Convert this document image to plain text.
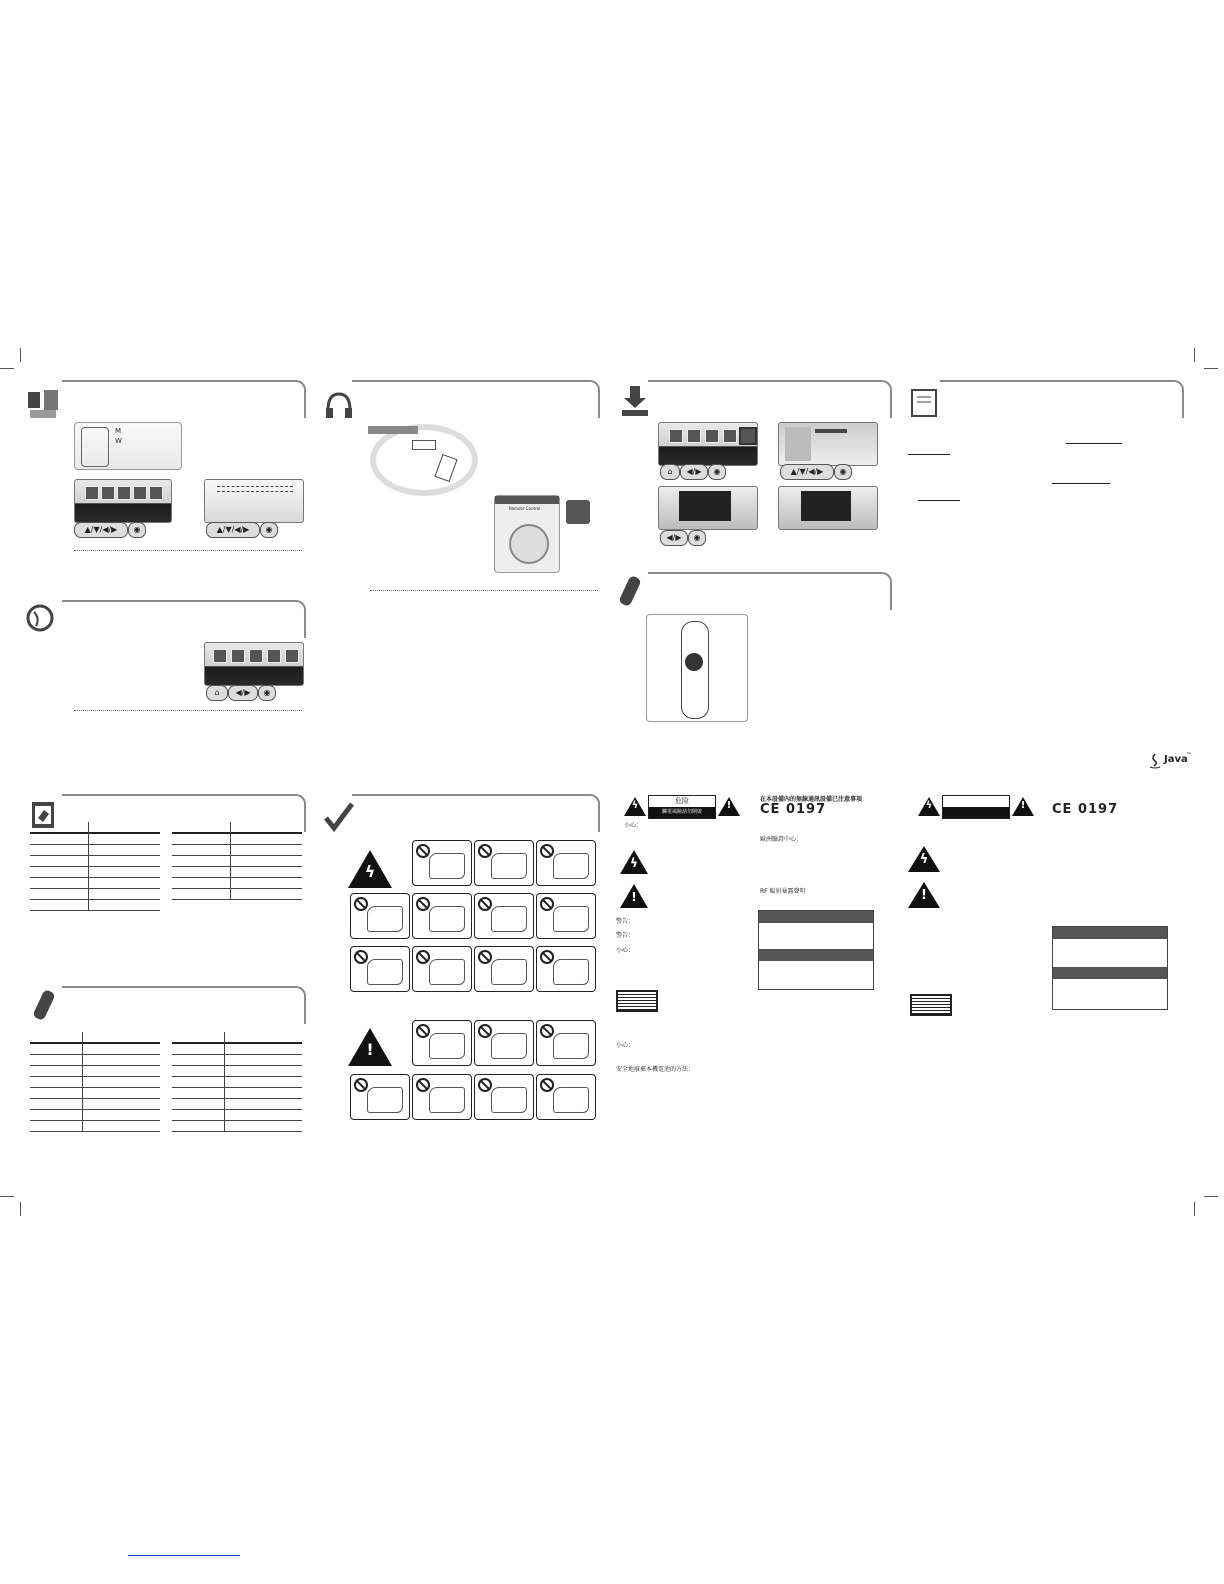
M
W
▲/▼/◀/▶	◉	▲/▼/◀/▶	◉
⌂	◀/▶	◉
Remote Control
⌂	◀/▶	◉	▲/▼/◀/▶	◉
◀/▶	◉
Java
™
ϟ
!
ϟ	危险
觸電風險請勿開啟
!
小心：
ϟ
!
警告：
警告：
小心：
小心：
安全地廢棄本機電池的方法：
在本設備內的無線通訊設備已注意事項
CE 0197
歐洲驗證中心：
RF 輻射暴露聲明
ϟ	!	CE 0197
ϟ
!
________________________________
